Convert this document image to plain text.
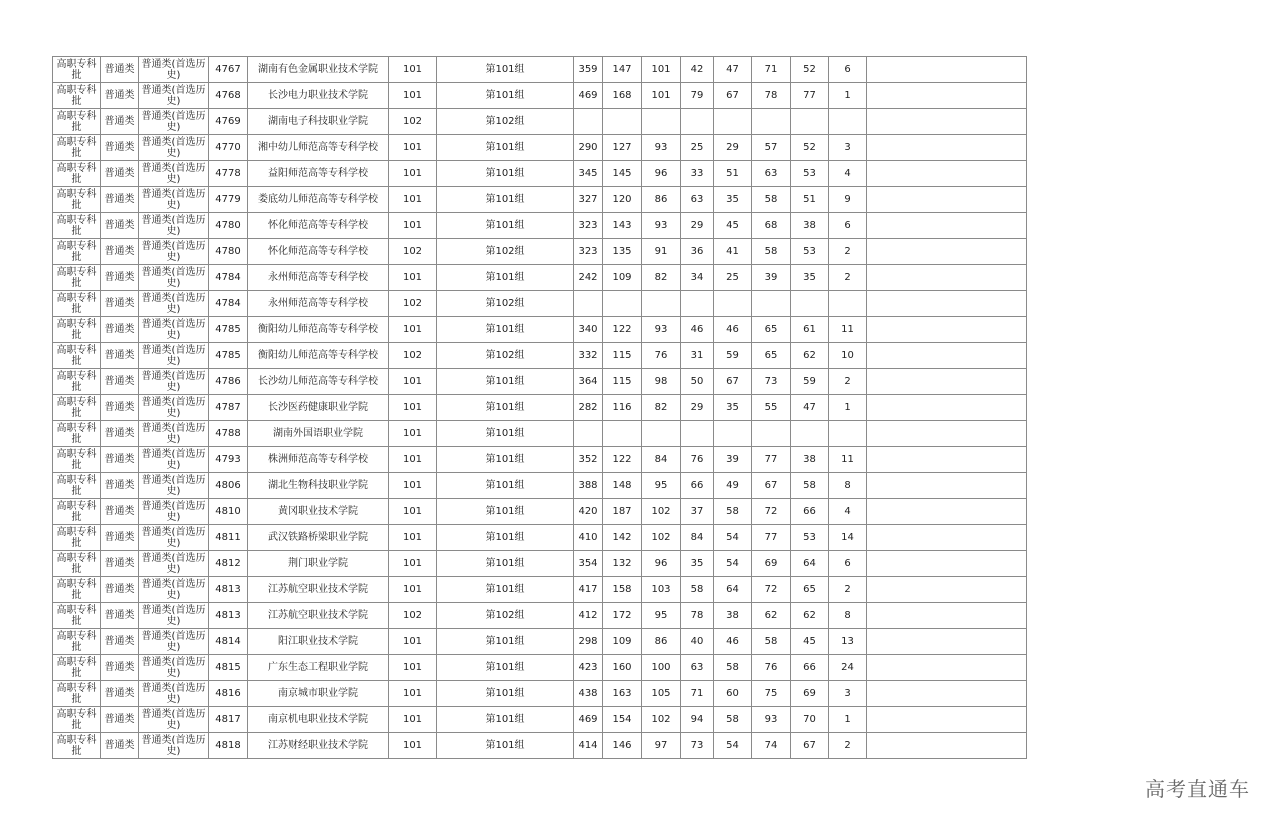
高职专科批	普通类	普通类(首选历史)	4767	湖南有色金属职业技术学院	101	第101组	359	147	101	42	47	71	52	6	
高职专科批	普通类	普通类(首选历史)	4768	长沙电力职业技术学院	101	第101组	469	168	101	79	67	78	77	1	
高职专科批	普通类	普通类(首选历史)	4769	湖南电子科技职业学院	102	第102组									
高职专科批	普通类	普通类(首选历史)	4770	湘中幼儿师范高等专科学校	101	第101组	290	127	93	25	29	57	52	3	
高职专科批	普通类	普通类(首选历史)	4778	益阳师范高等专科学校	101	第101组	345	145	96	33	51	63	53	4	
高职专科批	普通类	普通类(首选历史)	4779	娄底幼儿师范高等专科学校	101	第101组	327	120	86	63	35	58	51	9	
高职专科批	普通类	普通类(首选历史)	4780	怀化师范高等专科学校	101	第101组	323	143	93	29	45	68	38	6	
高职专科批	普通类	普通类(首选历史)	4780	怀化师范高等专科学校	102	第102组	323	135	91	36	41	58	53	2	
高职专科批	普通类	普通类(首选历史)	4784	永州师范高等专科学校	101	第101组	242	109	82	34	25	39	35	2	
高职专科批	普通类	普通类(首选历史)	4784	永州师范高等专科学校	102	第102组									
高职专科批	普通类	普通类(首选历史)	4785	衡阳幼儿师范高等专科学校	101	第101组	340	122	93	46	46	65	61	11	
高职专科批	普通类	普通类(首选历史)	4785	衡阳幼儿师范高等专科学校	102	第102组	332	115	76	31	59	65	62	10	
高职专科批	普通类	普通类(首选历史)	4786	长沙幼儿师范高等专科学校	101	第101组	364	115	98	50	67	73	59	2	
高职专科批	普通类	普通类(首选历史)	4787	长沙医药健康职业学院	101	第101组	282	116	82	29	35	55	47	1	
高职专科批	普通类	普通类(首选历史)	4788	湖南外国语职业学院	101	第101组									
高职专科批	普通类	普通类(首选历史)	4793	株洲师范高等专科学校	101	第101组	352	122	84	76	39	77	38	11	
高职专科批	普通类	普通类(首选历史)	4806	湖北生物科技职业学院	101	第101组	388	148	95	66	49	67	58	8	
高职专科批	普通类	普通类(首选历史)	4810	黄冈职业技术学院	101	第101组	420	187	102	37	58	72	66	4	
高职专科批	普通类	普通类(首选历史)	4811	武汉铁路桥梁职业学院	101	第101组	410	142	102	84	54	77	53	14	
高职专科批	普通类	普通类(首选历史)	4812	荆门职业学院	101	第101组	354	132	96	35	54	69	64	6	
高职专科批	普通类	普通类(首选历史)	4813	江苏航空职业技术学院	101	第101组	417	158	103	58	64	72	65	2	
高职专科批	普通类	普通类(首选历史)	4813	江苏航空职业技术学院	102	第102组	412	172	95	78	38	62	62	8	
高职专科批	普通类	普通类(首选历史)	4814	阳江职业技术学院	101	第101组	298	109	86	40	46	58	45	13	
高职专科批	普通类	普通类(首选历史)	4815	广东生态工程职业学院	101	第101组	423	160	100	63	58	76	66	24	
高职专科批	普通类	普通类(首选历史)	4816	南京城市职业学院	101	第101组	438	163	105	71	60	75	69	3	
高职专科批	普通类	普通类(首选历史)	4817	南京机电职业技术学院	101	第101组	469	154	102	94	58	93	70	1	
高职专科批	普通类	普通类(首选历史)	4818	江苏财经职业技术学院	101	第101组	414	146	97	73	54	74	67	2	
高考直通车
